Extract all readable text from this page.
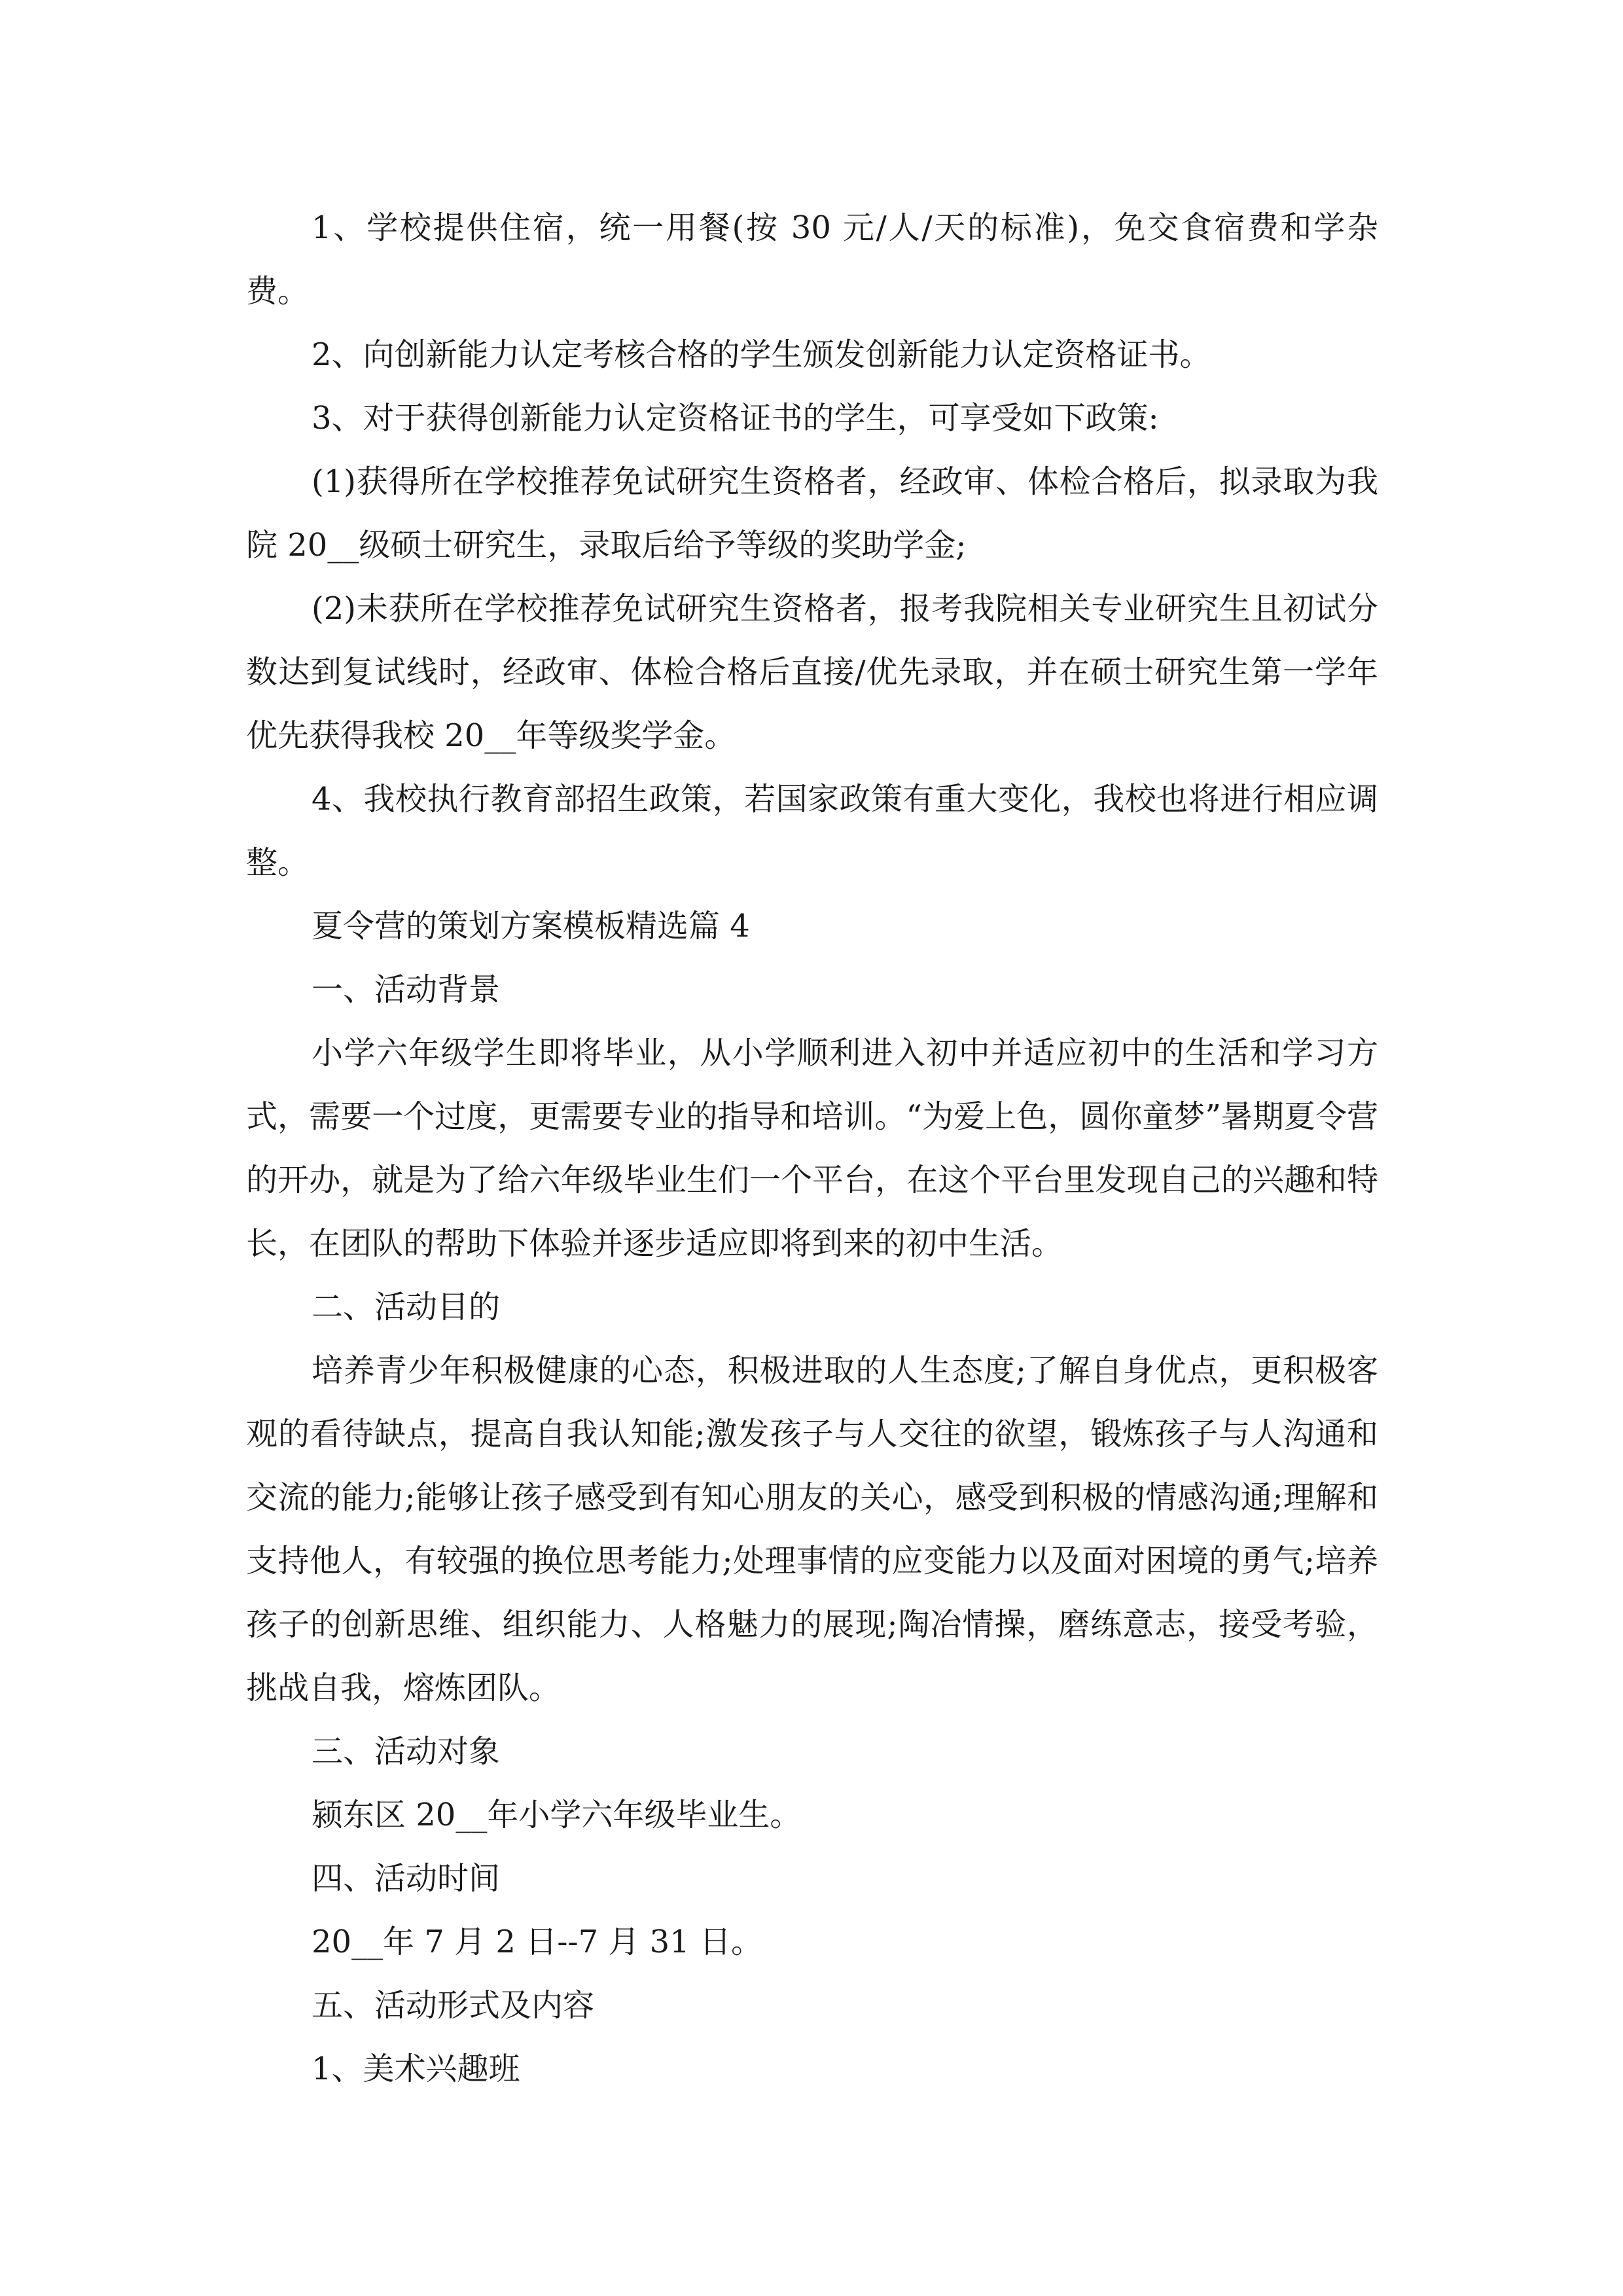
1、学校提供住宿，统一用餐(按 30 元/人/天的标准)，免交食宿费和学杂费。

2、向创新能力认定考核合格的学生颁发创新能力认定资格证书。

3、对于获得创新能力认定资格证书的学生，可享受如下政策:

(1)获得所在学校推荐免试研究生资格者，经政审、体检合格后，拟录取为我院 20__级硕士研究生，录取后给予等级的奖助学金;

(2)未获所在学校推荐免试研究生资格者，报考我院相关专业研究生且初试分数达到复试线时，经政审、体检合格后直接/优先录取，并在硕士研究生第一学年优先获得我校 20__年等级奖学金。

4、我校执行教育部招生政策，若国家政策有重大变化，我校也将进行相应调整。

夏令营的策划方案模板精选篇 4

一、活动背景

小学六年级学生即将毕业，从小学顺利进入初中并适应初中的生活和学习方式，需要一个过度，更需要专业的指导和培训。“为爱上色，圆你童梦”暑期夏令营的开办，就是为了给六年级毕业生们一个平台，在这个平台里发现自己的兴趣和特长，在团队的帮助下体验并逐步适应即将到来的初中生活。

二、活动目的

培养青少年积极健康的心态，积极进取的人生态度;了解自身优点，更积极客观的看待缺点，提高自我认知能;激发孩子与人交往的欲望，锻炼孩子与人沟通和交流的能力;能够让孩子感受到有知心朋友的关心，感受到积极的情感沟通;理解和支持他人，有较强的换位思考能力;处理事情的应变能力以及面对困境的勇气;培养孩子的创新思维、组织能力、人格魅力的展现;陶冶情操，磨练意志，接受考验，挑战自我，熔炼团队。

三、活动对象

颍东区 20__年小学六年级毕业生。

四、活动时间

20__年 7 月 2 日--7 月 31 日。

五、活动形式及内容

1、美术兴趣班
